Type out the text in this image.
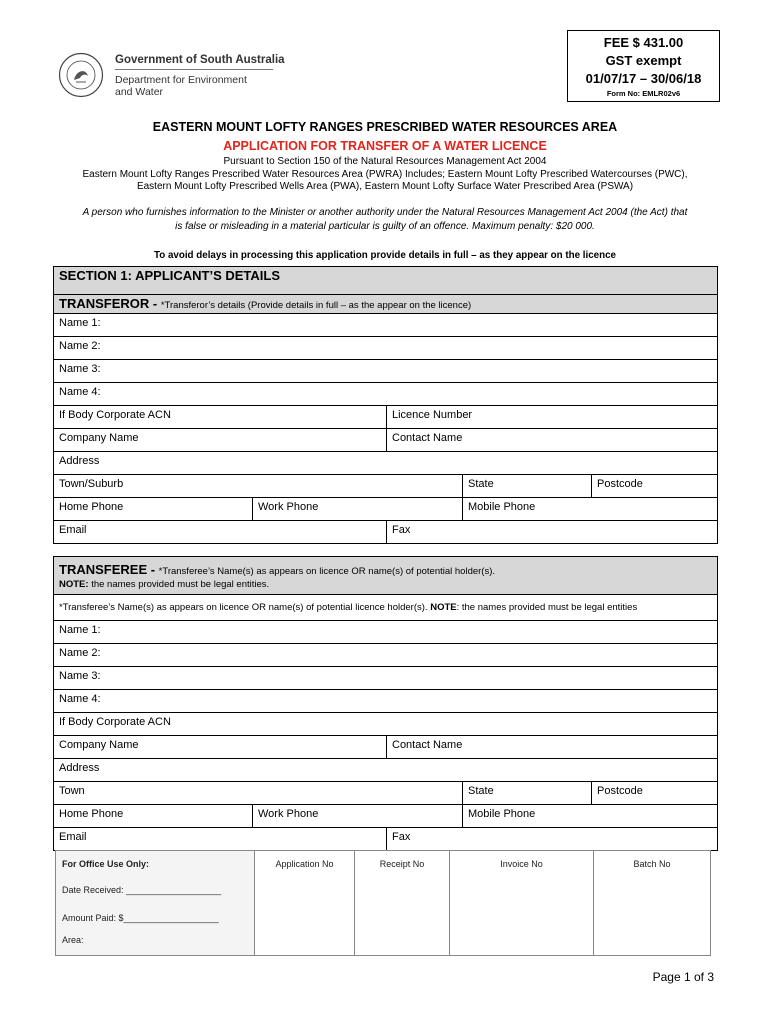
Government of South Australia
Department for Environment
and Water
FEE $ 431.00
GST exempt
01/07/17 – 30/06/18
Form No: EMLR02v6
EASTERN MOUNT LOFTY RANGES PRESCRIBED WATER RESOURCES AREA
APPLICATION FOR TRANSFER OF A WATER LICENCE
Pursuant to Section 150 of the Natural Resources Management Act 2004
Eastern Mount Lofty Ranges Prescribed Water Resources Area (PWRA) Includes; Eastern Mount Lofty Prescribed Watercourses (PWC),
Eastern Mount Lofty Prescribed Wells Area (PWA), Eastern Mount Lofty Surface Water Prescribed Area (PSWA)
A person who furnishes information to the Minister or another authority under the Natural Resources Management Act 2004 (the Act) that
is false or misleading in a material particular is guilty of an offence. Maximum penalty: $20 000.
To avoid delays in processing this application provide details in full – as they appear on the licence
SECTION 1: APPLICANT’S DETAILS
TRANSFEROR - *Transferor’s details (Provide details in full – as the appear on the licence)
Name 1:
Name 2:
Name 3:
Name 4:
If Body Corporate ACN	Licence Number
Company Name	Contact Name
Address
Town/Suburb	State	Postcode
Home Phone	Work Phone	Mobile Phone
Email	Fax
TRANSFEREE - *Transferee’s Name(s) as appears on licence OR name(s) of potential holder(s).
NOTE: the names provided must be legal entities.
*Transferee’s Name(s) as appears on licence OR name(s) of potential licence holder(s). NOTE: the names provided must be legal entities
Name 1:
Name 2:
Name 3:
Name 4:
If Body Corporate ACN
Company Name	Contact Name
Address
Town	State	Postcode
Home Phone	Work Phone	Mobile Phone
Email	Fax
For Office Use Only:	Application No	Receipt No	Invoice No	Batch No
Date Received: ___________________
Amount Paid: $___________________
Area:
Page 1 of 3
